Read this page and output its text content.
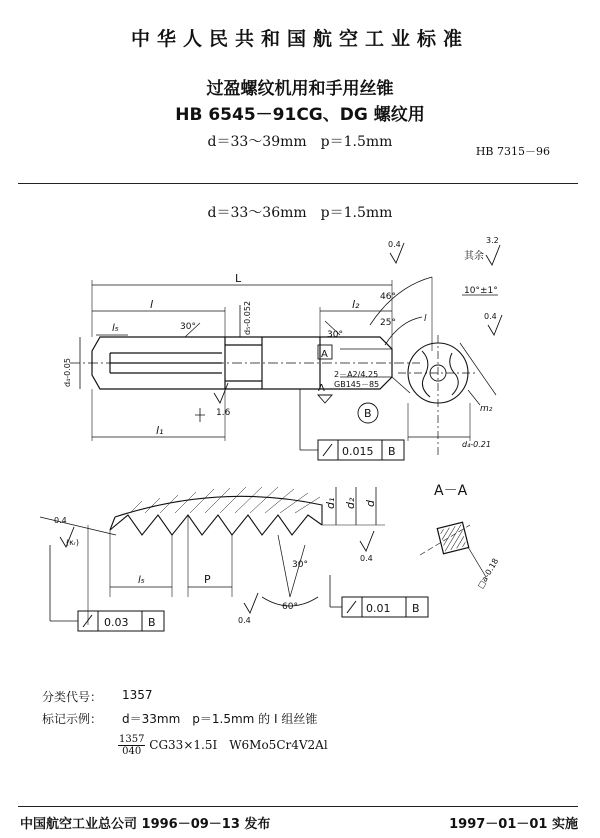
中华人民共和国航空工业标准
过盈螺纹机用和手用丝锥
HB 6545－91CG、DG 螺纹用
d＝33～39mm　p＝1.5mm
HB 7315－96
d＝33～36mm　p＝1.5mm
L
l	l₂
l₅
l₁
d₄-0.05
d₅-0.052
30°
30°
1.6
A
2－A2/4.25
GB145－85
A
B
0.015 B
0.4
其余
3.2
46°
10°±1°
25°	l	0.4
m₂
d₄-0.21
d₁ d₂ d
0.4
(κᵣ)
P
l₅
30°
60°
0.4
0.4
0.01 B
0.03 B
A－A
□a-0.18
分类代号： 1357
标记示例： d＝33mm　p＝1.5mm 的 I 组丝锥
$\frac{1357}{040} CG33\times 1.5I$　W6Mo5Cr4V2Al
中国航空工业总公司 1996－09－13 发布	1997－01－01 实施
